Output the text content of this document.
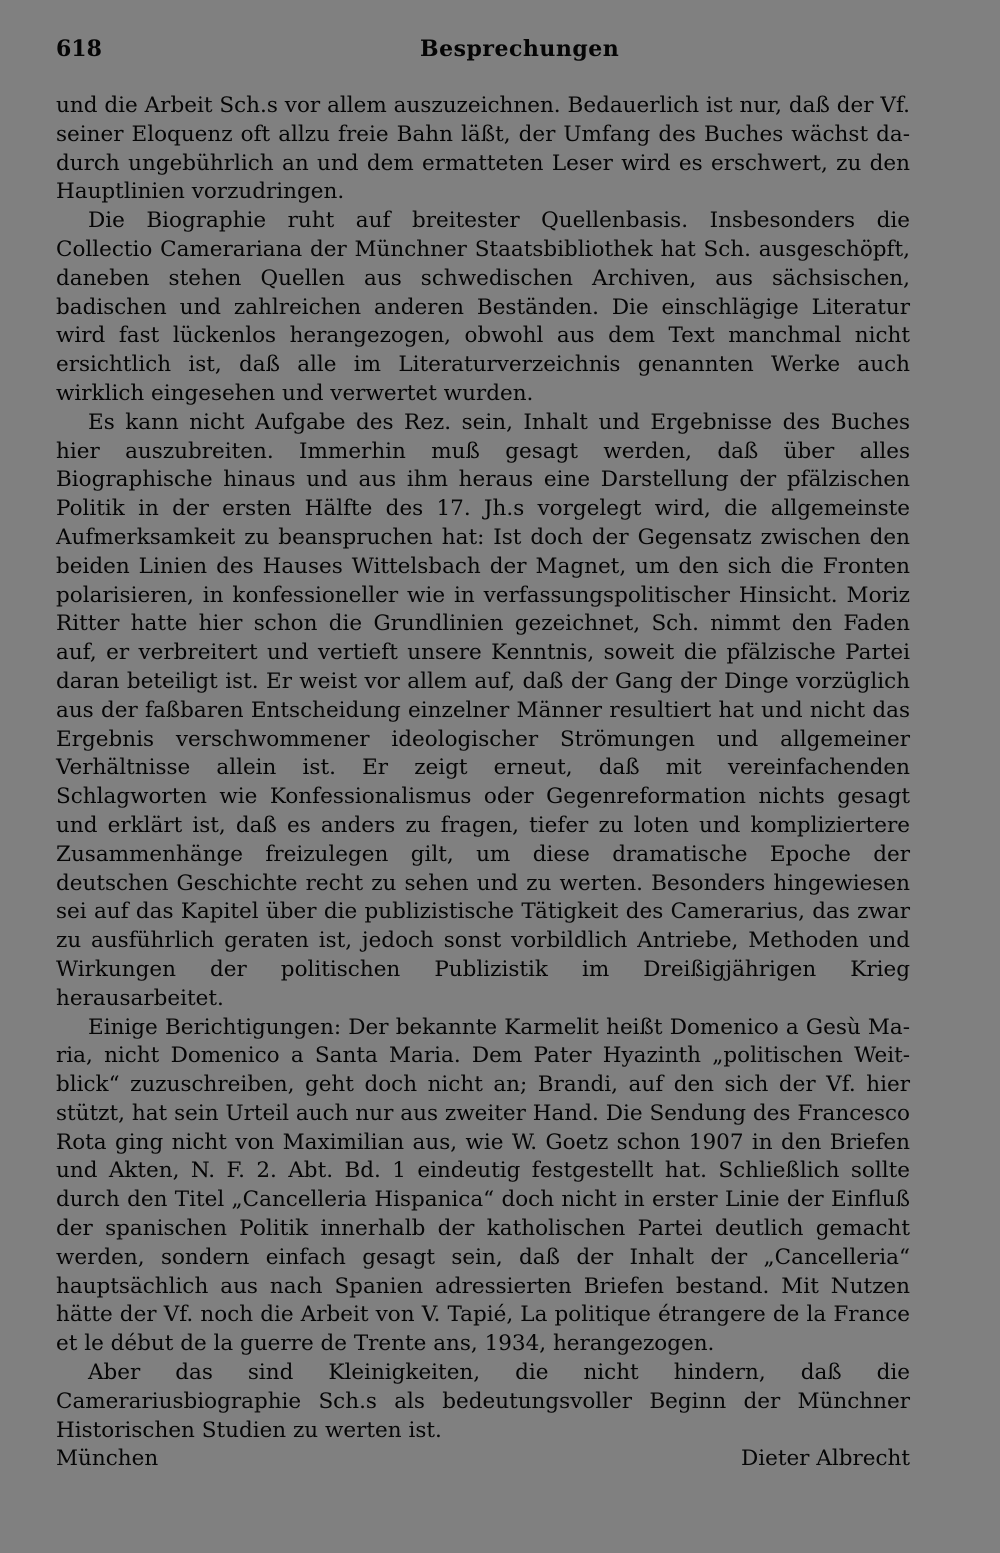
618	Besprechungen

und die Arbeit Sch.s vor allem auszuzeichnen. Bedauerlich ist nur, daß der Vf. seiner Eloquenz oft allzu freie Bahn läßt, der Umfang des Buches wächst dadurch ungebührlich an und dem ermatteten Leser wird es erschwert, zu den Hauptlinien vorzudringen.

Die Biographie ruht auf breitester Quellenbasis. Insbesonders die Collectio Camerariana der Münchner Staatsbibliothek hat Sch. ausgeschöpft, daneben stehen Quellen aus schwedischen Archiven, aus sächsischen, badischen und zahlreichen anderen Beständen. Die einschlägige Literatur wird fast lückenlos herangezogen, obwohl aus dem Text manchmal nicht ersichtlich ist, daß alle im Literaturverzeichnis genannten Werke auch wirklich eingesehen und verwertet wurden.

Es kann nicht Aufgabe des Rez. sein, Inhalt und Ergebnisse des Buches hier auszubreiten. Immerhin muß gesagt werden, daß über alles Biographische hinaus und aus ihm heraus eine Darstellung der pfälzischen Politik in der ersten Hälfte des 17. Jh.s vorgelegt wird, die allgemeinste Aufmerksamkeit zu beanspruchen hat: Ist doch der Gegensatz zwischen den beiden Linien des Hauses Wittelsbach der Magnet, um den sich die Fronten polarisieren, in konfessioneller wie in verfassungspolitischer Hinsicht. Moriz Ritter hatte hier schon die Grundlinien gezeichnet, Sch. nimmt den Faden auf, er verbreitert und vertieft unsere Kenntnis, soweit die pfälzische Partei daran beteiligt ist. Er weist vor allem auf, daß der Gang der Dinge vorzüglich aus der faßbaren Entscheidung einzelner Männer resultiert hat und nicht das Ergebnis verschwommener ideologischer Strömungen und allgemeiner Verhältnisse allein ist. Er zeigt erneut, daß mit vereinfachenden Schlagworten wie Konfessionalismus oder Gegenreformation nichts gesagt und erklärt ist, daß es anders zu fragen, tiefer zu loten und kompliziertere Zusammenhänge freizulegen gilt, um diese dramatische Epoche der deutschen Geschichte recht zu sehen und zu werten. Besonders hingewiesen sei auf das Kapitel über die publizistische Tätigkeit des Camerarius, das zwar zu ausführlich geraten ist, jedoch sonst vorbildlich Antriebe, Methoden und Wirkungen der politischen Publizistik im Dreißigjährigen Krieg herausarbeitet.

Einige Berichtigungen: Der bekannte Karmelit heißt Domenico a Gesù Maria, nicht Domenico a Santa Maria. Dem Pater Hyazinth „politischen Weitblick“ zuzuschreiben, geht doch nicht an; Brandi, auf den sich der Vf. hier stützt, hat sein Urteil auch nur aus zweiter Hand. Die Sendung des Francesco Rota ging nicht von Maximilian aus, wie W. Goetz schon 1907 in den Briefen und Akten, N. F. 2. Abt. Bd. 1 eindeutig festgestellt hat. Schließlich sollte durch den Titel „Cancelleria Hispanica“ doch nicht in erster Linie der Einfluß der spanischen Politik innerhalb der katholischen Partei deutlich gemacht werden, sondern einfach gesagt sein, daß der Inhalt der „Cancelleria“ hauptsächlich aus nach Spanien adressierten Briefen bestand. Mit Nutzen hätte der Vf. noch die Arbeit von V. Tapié, La politique étrangere de la France et le début de la guerre de Trente ans, 1934, herangezogen.

Aber das sind Kleinigkeiten, die nicht hindern, daß die Camerariusbiographie Sch.s als bedeutungsvoller Beginn der Münchner Historischen Studien zu werten ist.

München	Dieter Albrecht
